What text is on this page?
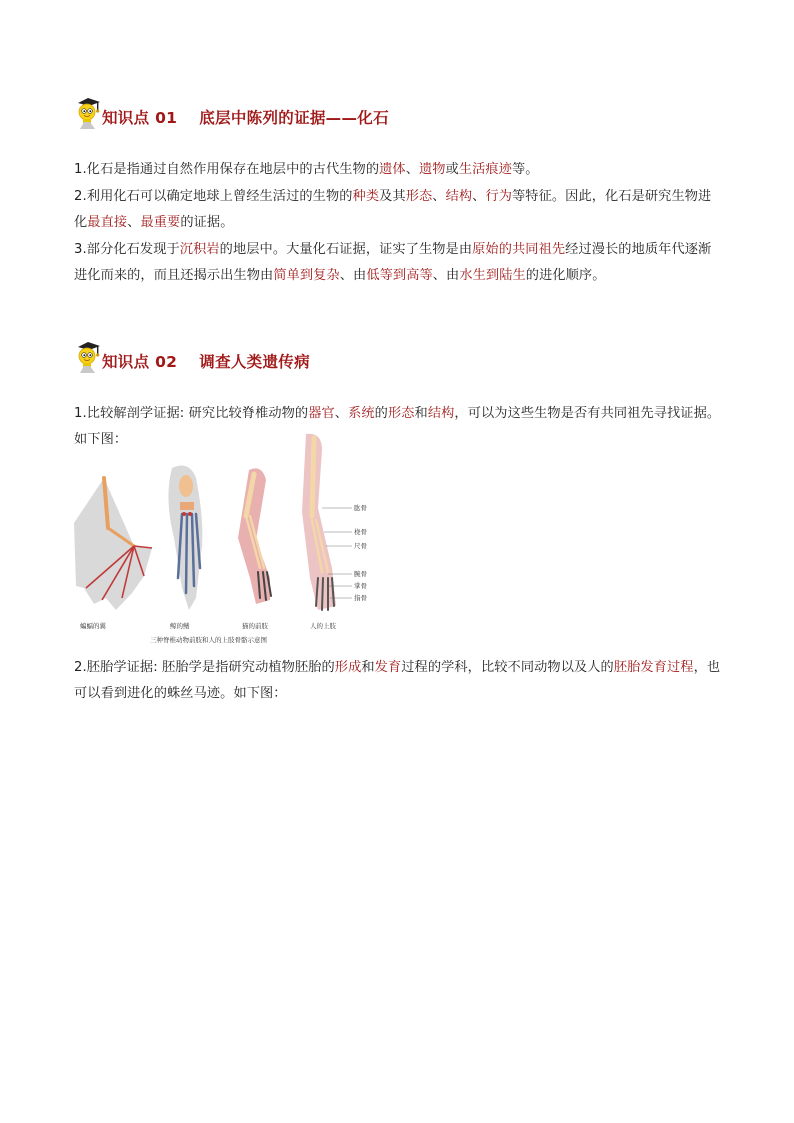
知识点 01 底层中陈列的证据——化石
1.化石是指通过自然作用保存在地层中的古代生物的遗体、遗物或生活痕迹等。
2.利用化石可以确定地球上曾经生活过的生物的种类及其形态、结构、行为等特征。因此，化石是研究生物进化最直接、最重要的证据。
3.部分化石发现于沉积岩的地层中。大量化石证据，证实了生物是由原始的共同祖先经过漫长的地质年代逐渐进化而来的，而且还揭示出生物由简单到复杂、由低等到高等、由水生到陆生的进化顺序。
知识点 02 调查人类遗传病
1.比较解剖学证据: 研究比较脊椎动物的器官、系统的形态和结构，可以为这些生物是否有共同祖先寻找证据。如下图：
肱骨
桡骨
尺骨
腕骨
掌骨
指骨
蝙蝠的翼	鲸的鳍	猫的前肢	人的上肢
三种脊椎动物前肢和人的上肢骨骼示意图
2.胚胎学证据: 胚胎学是指研究动植物胚胎的形成和发育过程的学科，比较不同动物以及人的胚胎发育过程，也可以看到进化的蛛丝马迹。如下图：
